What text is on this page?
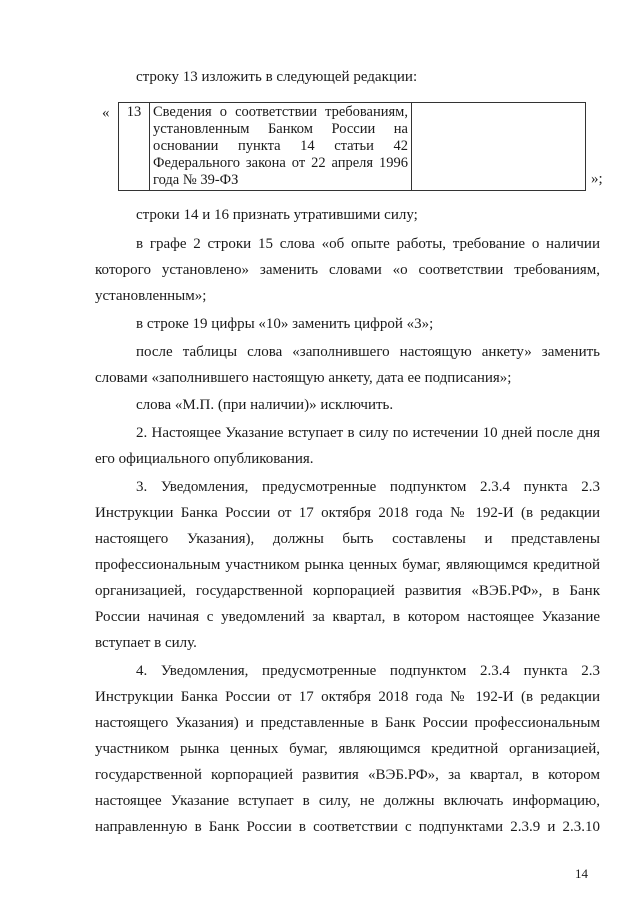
строку 13 изложить в следующей редакции:
« 13	Сведения о соответствии требованиям, установленным Банком России на основании пункта 14 статьи 42 Федерального закона от 22 апреля 1996 года № 39-ФЗ		»;
строки 14 и 16 признать утратившими силу;
в графе 2 строки 15 слова «об опыте работы, требование о наличии
которого установлено» заменить словами «о соответствии требованиям,
установленным»;
в строке 19 цифры «10» заменить цифрой «3»;
после таблицы слова «заполнившего настоящую анкету» заменить
словами «заполнившего настоящую анкету, дата ее подписания»;
слова «М.П. (при наличии)» исключить.
2. Настоящее Указание вступает в силу по истечении 10 дней после дня
его официального опубликования.
3. Уведомления, предусмотренные подпунктом 2.3.4 пункта 2.3
Инструкции Банка России от 17 октября 2018 года № 192-И (в редакции
настоящего Указания), должны быть составлены и представлены
профессиональным участником рынка ценных бумаг, являющимся кредитной
организацией, государственной корпорацией развития «ВЭБ.РФ», в Банк
России начиная с уведомлений за квартал, в котором настоящее Указание
вступает в силу.
4. Уведомления, предусмотренные подпунктом 2.3.4 пункта 2.3
Инструкции Банка России от 17 октября 2018 года № 192-И (в редакции
настоящего Указания) и представленные в Банк России профессиональным
участником рынка ценных бумаг, являющимся кредитной организацией,
государственной корпорацией развития «ВЭБ.РФ», за квартал, в котором
настоящее Указание вступает в силу, не должны включать информацию,
направленную в Банк России в соответствии с подпунктами 2.3.9 и 2.3.10
14
